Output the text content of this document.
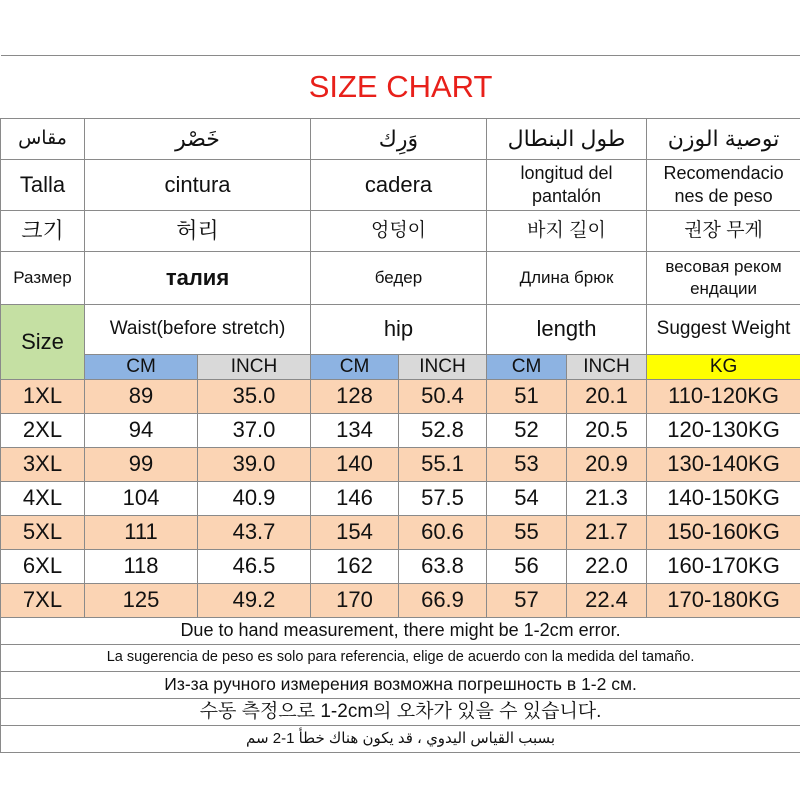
SIZE CHART							
مقاس	خَصْر		وَرِك		طول البنطال		توصية الوزن
Talla	cintura		cadera		longitud del pantalón		Recomendacio nes de peso
크기	허리		엉덩이		바지 길이		권장 무게
Размер	талия		бедер		Длина брюк		весовая реком ендации
Size	Waist(before stretch)		hip		length		Suggest Weight
	CM	INCH	CM	INCH	CM	INCH	KG
1XL	89	35.0	128	50.4	51	20.1	110-120KG
2XL	94	37.0	134	52.8	52	20.5	120-130KG
3XL	99	39.0	140	55.1	53	20.9	130-140KG
4XL	104	40.9	146	57.5	54	21.3	140-150KG
5XL	111	43.7	154	60.6	55	21.7	150-160KG
6XL	118	46.5	162	63.8	56	22.0	160-170KG
7XL	125	49.2	170	66.9	57	22.4	170-180KG
Due to hand measurement, there might be 1-2cm error.							
La sugerencia de peso es solo para referencia, elige de acuerdo con la medida del tamaño.							
Из-за ручного измерения возможна погрешность в 1-2 см.							
수동 측정으로 1-2cm의 오차가 있을 수 있습니다.							
بسبب القياس اليدوي ، قد يكون هناك خطأ 1-2 سم							
